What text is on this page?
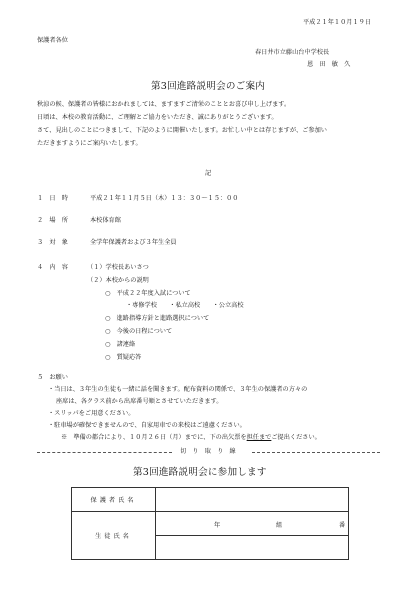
平成２１年１０月１９日
保護者各位
春日井市立藤山台中学校長
恩　田　敏　久
第3回進路説明会のご案内
秋涼の候、保護者の皆様におかれましては、ますますご清栄のこととお喜び申し上げます。
日頃は、本校の教育活動に、ご理解とご協力をいただき、誠にありがとうございます。
さて、見出しのことにつきまして、下記のように開催いたします。お忙しい中とは存じますが、ご参加い
ただきますようにご案内いたします。
記
１　日　時	平成２１年１１月５日（木）１３：３０～１５：００
２　場　所	本校体育館
３　対　象	全学年保護者および３年生全員
４　内　容	（１）学校長あいさつ
（２）本校からの説明
○　平成２２年度入試について
・専修学校　　・私立高校　　・公立高校
○　進路指導方針と進路選択について
○　今後の日程について
○　諸連絡
○　質疑応答
５　お願い
・当日は、３年生の生徒も一緒に話を聞きます。配布資料の関係で、３年生の保護者の方々の
座席は、各クラス前から出席番号順とさせていただきます。
・スリッパをご用意ください。
・駐車場が確保できませんので、自家用車での来校はご遠慮ください。
※　準備の都合により、１０月２６日（月）までに、下の出欠票を担任までご提出ください。
切　り　取　り　線
第3回進路説明会に参加します
保護者氏名	
生徒氏名	年 組 番
